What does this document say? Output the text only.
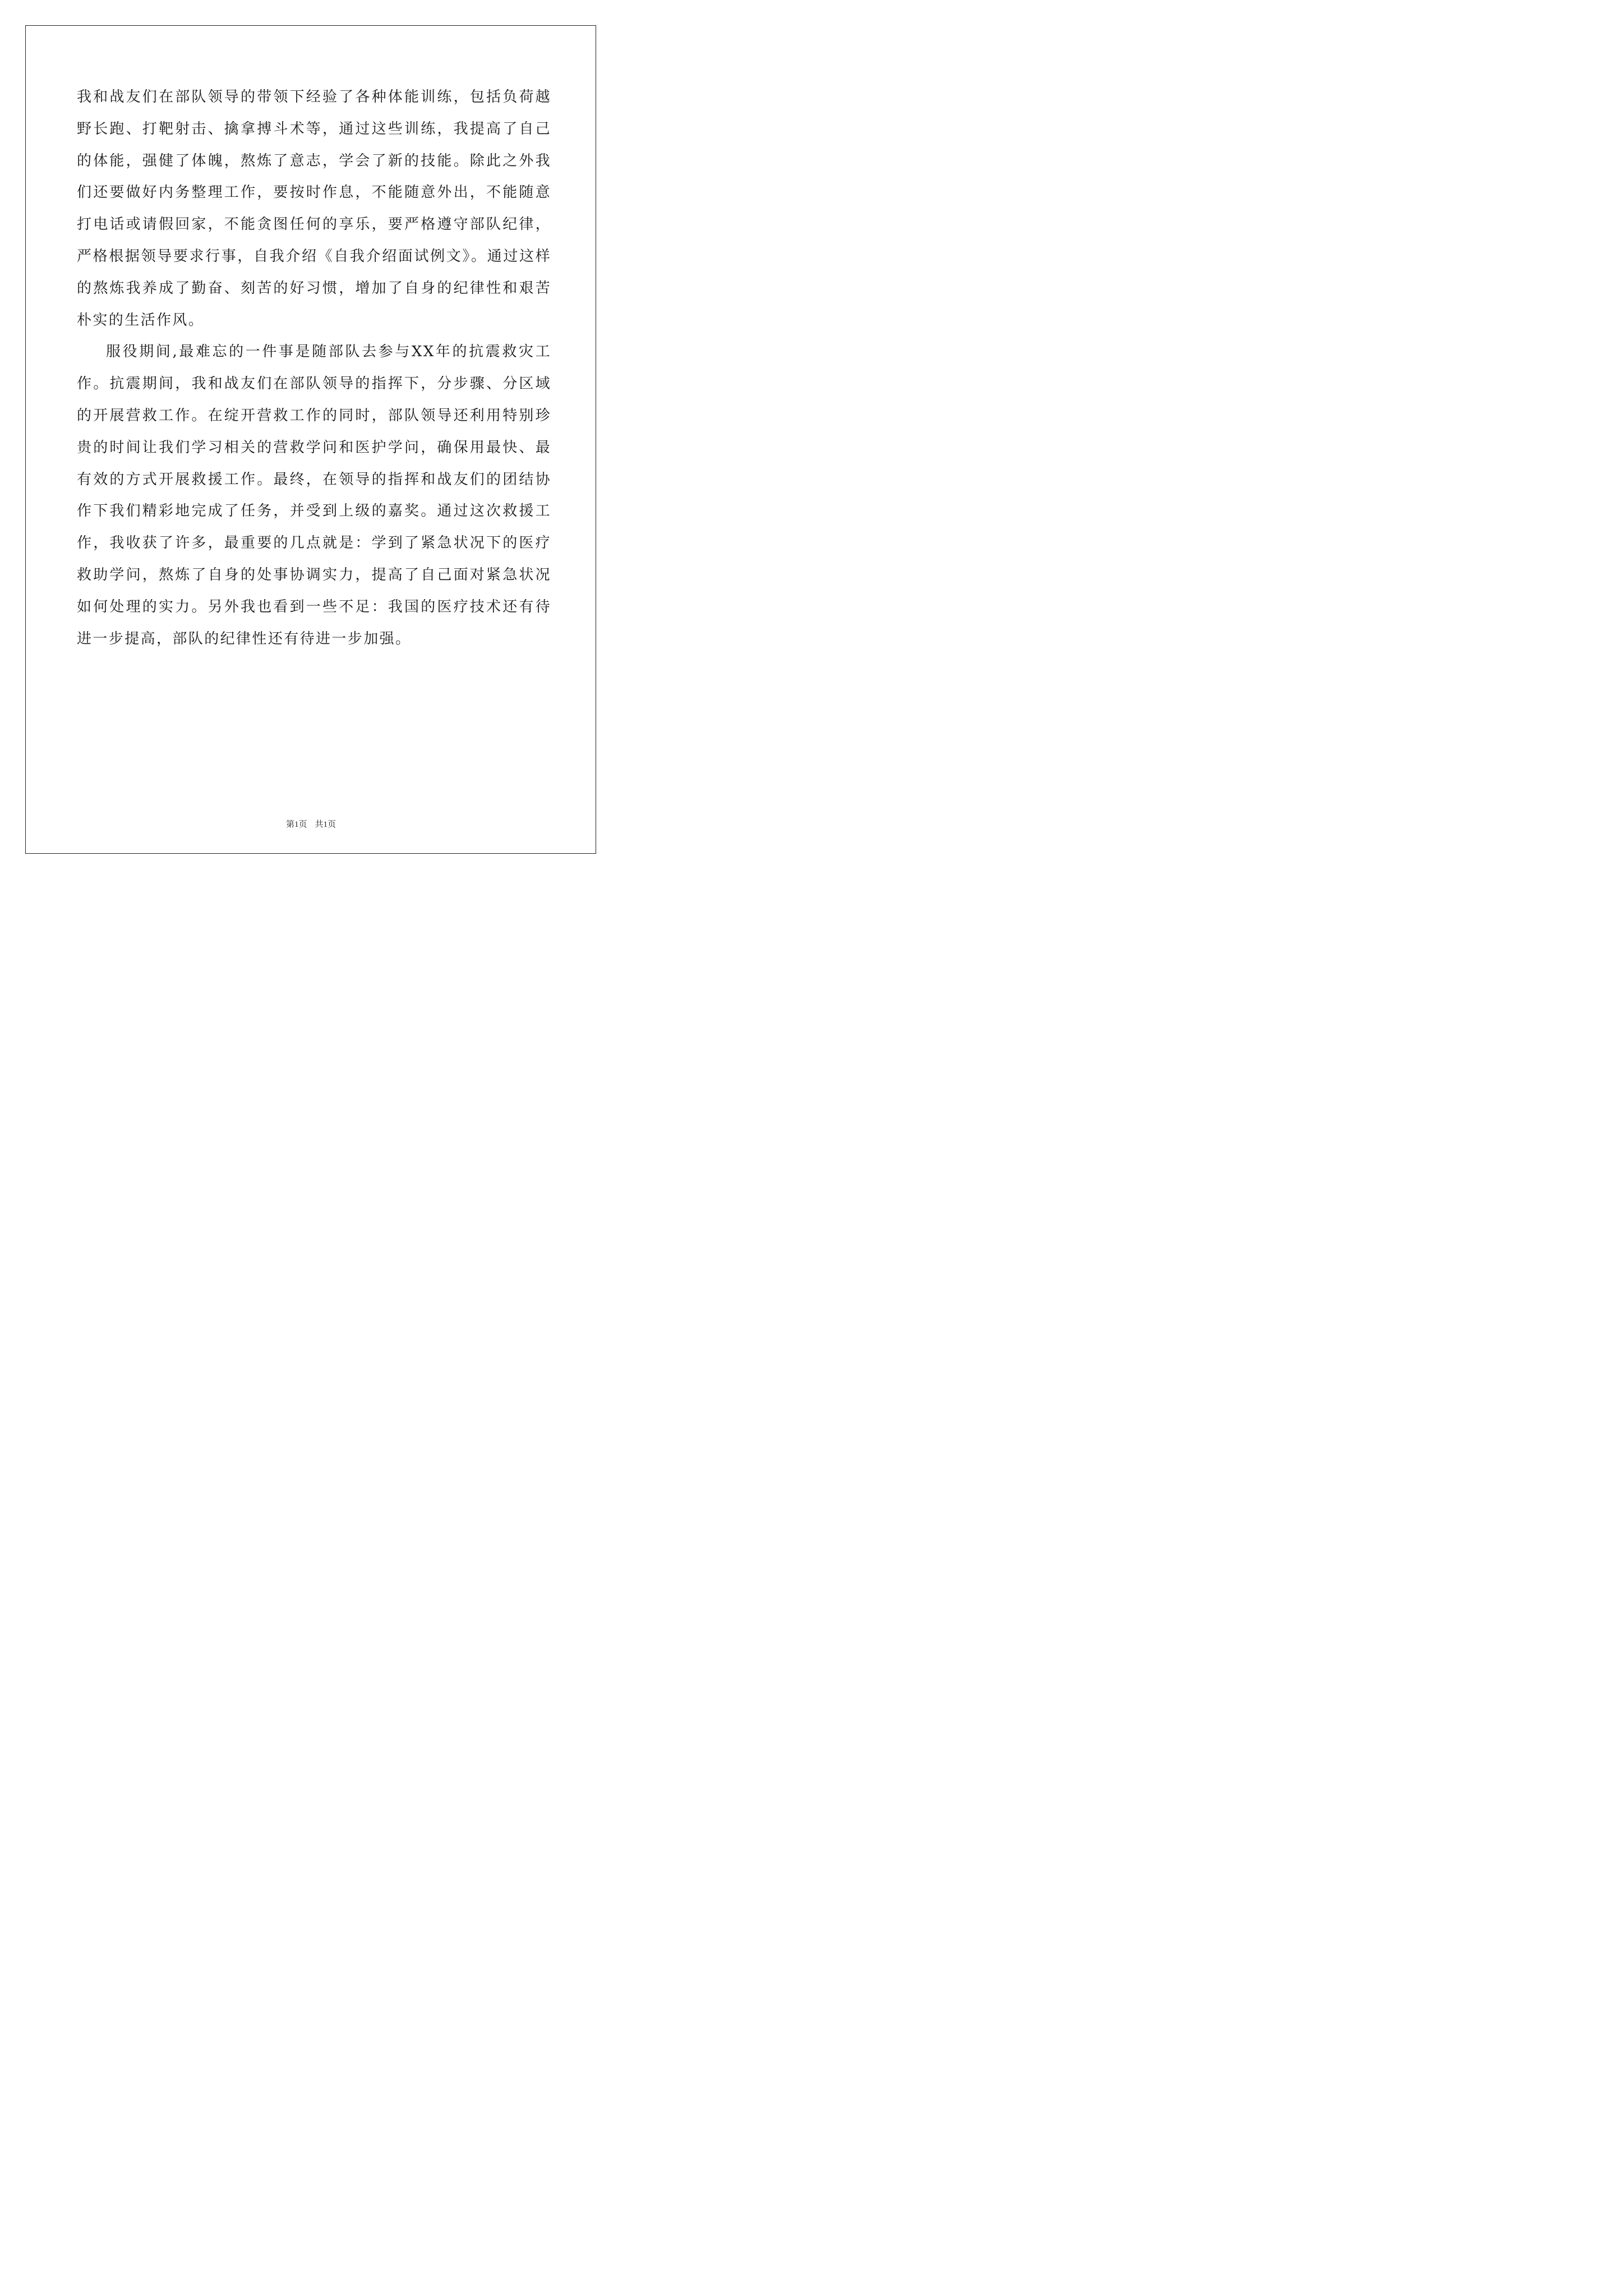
我和战友们在部队领导的带领下经验了各种体能训练，包括负荷越野长跑、打靶射击、擒拿搏斗术等，通过这些训练，我提高了自己的体能，强健了体魄，熬炼了意志，学会了新的技能。除此之外我们还要做好内务整理工作，要按时作息，不能随意外出，不能随意打电话或请假回家，不能贪图任何的享乐，要严格遵守部队纪律，严格根据领导要求行事，自我介绍《自我介绍面试例文》。通过这样的熬炼我养成了勤奋、刻苦的好习惯，增加了自身的纪律性和艰苦朴实的生活作风。

服役期间,最难忘的一件事是随部队去参与XX年的抗震救灾工作。抗震期间，我和战友们在部队领导的指挥下，分步骤、分区域的开展营救工作。在绽开营救工作的同时，部队领导还利用特别珍贵的时间让我们学习相关的营救学问和医护学问，确保用最快、最有效的方式开展救援工作。最终，在领导的指挥和战友们的团结协作下我们精彩地完成了任务，并受到上级的嘉奖。通过这次救援工作，我收获了许多，最重要的几点就是：学到了紧急状况下的医疗救助学问，熬炼了自身的处事协调实力，提高了自己面对紧急状况如何处理的实力。另外我也看到一些不足：我国的医疗技术还有待进一步提高，部队的纪律性还有待进一步加强。

第1页 共1页
